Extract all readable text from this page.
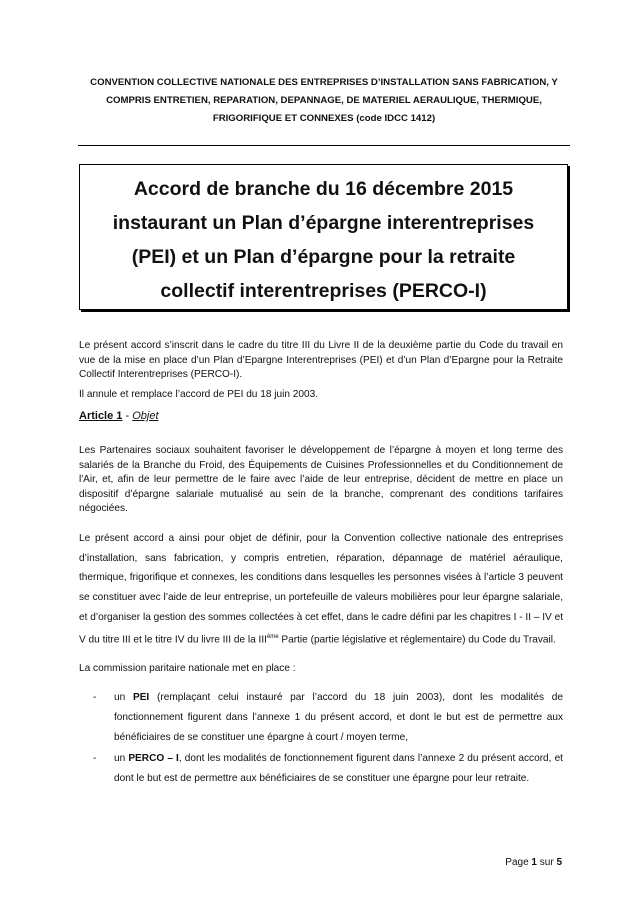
CONVENTION COLLECTIVE NATIONALE DES ENTREPRISES D’INSTALLATION SANS FABRICATION, Y
COMPRIS ENTRETIEN, REPARATION, DEPANNAGE, DE MATERIEL AERAULIQUE, THERMIQUE,
FRIGORIFIQUE ET CONNEXES (code IDCC 1412)
Accord de branche du 16 décembre 2015
instaurant un Plan d’épargne interentreprises
(PEI) et un Plan d’épargne pour la retraite
collectif interentreprises (PERCO-I)
Le présent accord s’inscrit dans le cadre du titre III du Livre II de la deuxième partie du Code du travail en vue de la mise en place d’un Plan d’Epargne Interentreprises (PEI) et d’un Plan d’Epargne pour la Retraite Collectif Interentreprises (PERCO-I).
Il annule et remplace l’accord de PEI du 18 juin 2003.
Article 1 - Objet
Les Partenaires sociaux souhaitent favoriser le développement de l’épargne à moyen et long terme des salariés de la Branche du Froid, des Équipements de Cuisines Professionnelles et du Conditionnement de l'Air, et, afin de leur permettre de le faire avec l’aide de leur entreprise, décident de mettre en place un dispositif d’épargne salariale mutualisé au sein de la branche, comprenant des conditions tarifaires négociées.
Le présent accord a ainsi pour objet de définir, pour la Convention collective nationale des entreprises d’installation, sans fabrication, y compris entretien, réparation, dépannage de matériel aéraulique, thermique, frigorifique et connexes, les conditions dans lesquelles les personnes visées à l’article 3 peuvent se constituer avec l’aide de leur entreprise, un portefeuille de valeurs mobilières pour leur épargne salariale, et d’organiser la gestion des sommes collectées à cet effet, dans le cadre défini par les chapitres I - II – IV et V du titre III et le titre IV du livre III de la IIIème Partie (partie législative et réglementaire) du Code du Travail.
La commission paritaire nationale met en place :
- un PEI (remplaçant celui instauré par l’accord du 18 juin 2003), dont les modalités de fonctionnement figurent dans l’annexe 1 du présent accord, et dont le but est de permettre aux bénéficiaires de se constituer une épargne à court / moyen terme,
- un PERCO – I, dont les modalités de fonctionnement figurent dans l’annexe 2 du présent accord, et dont le but est de permettre aux bénéficiaires de se constituer une épargne pour leur retraite.
Page 1 sur 5
